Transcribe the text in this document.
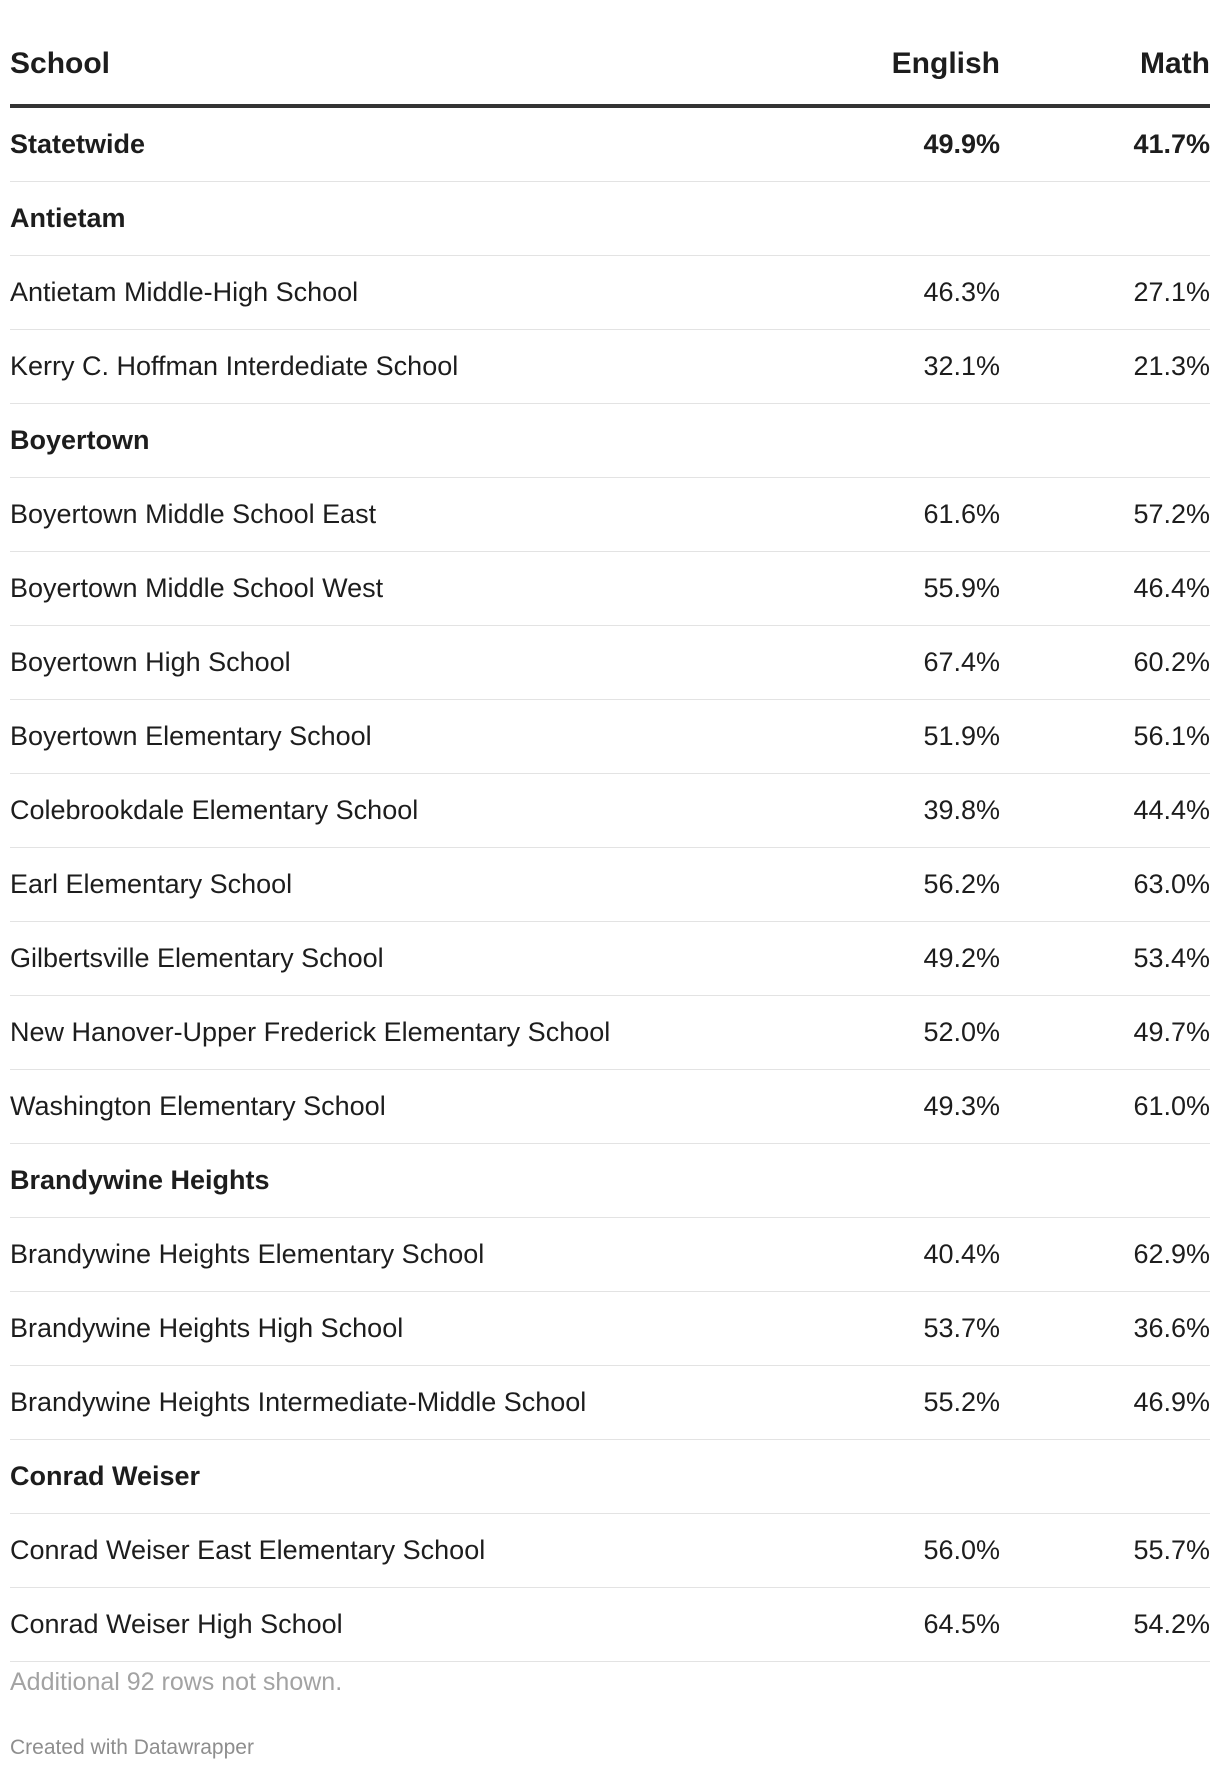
School	English	Math
Statetwide	49.9%	41.7%
Antietam		
Antietam Middle-High School	46.3%	27.1%
Kerry C. Hoffman Interdediate School	32.1%	21.3%
Boyertown		
Boyertown Middle School East	61.6%	57.2%
Boyertown Middle School West	55.9%	46.4%
Boyertown High School	67.4%	60.2%
Boyertown Elementary School	51.9%	56.1%
Colebrookdale Elementary School	39.8%	44.4%
Earl Elementary School	56.2%	63.0%
Gilbertsville Elementary School	49.2%	53.4%
New Hanover-Upper Frederick Elementary School	52.0%	49.7%
Washington Elementary School	49.3%	61.0%
Brandywine Heights		
Brandywine Heights Elementary School	40.4%	62.9%
Brandywine Heights High School	53.7%	36.6%
Brandywine Heights Intermediate-Middle School	55.2%	46.9%
Conrad Weiser		
Conrad Weiser East Elementary School	56.0%	55.7%
Conrad Weiser High School	64.5%	54.2%
Additional 92 rows not shown.
Created with Datawrapper
